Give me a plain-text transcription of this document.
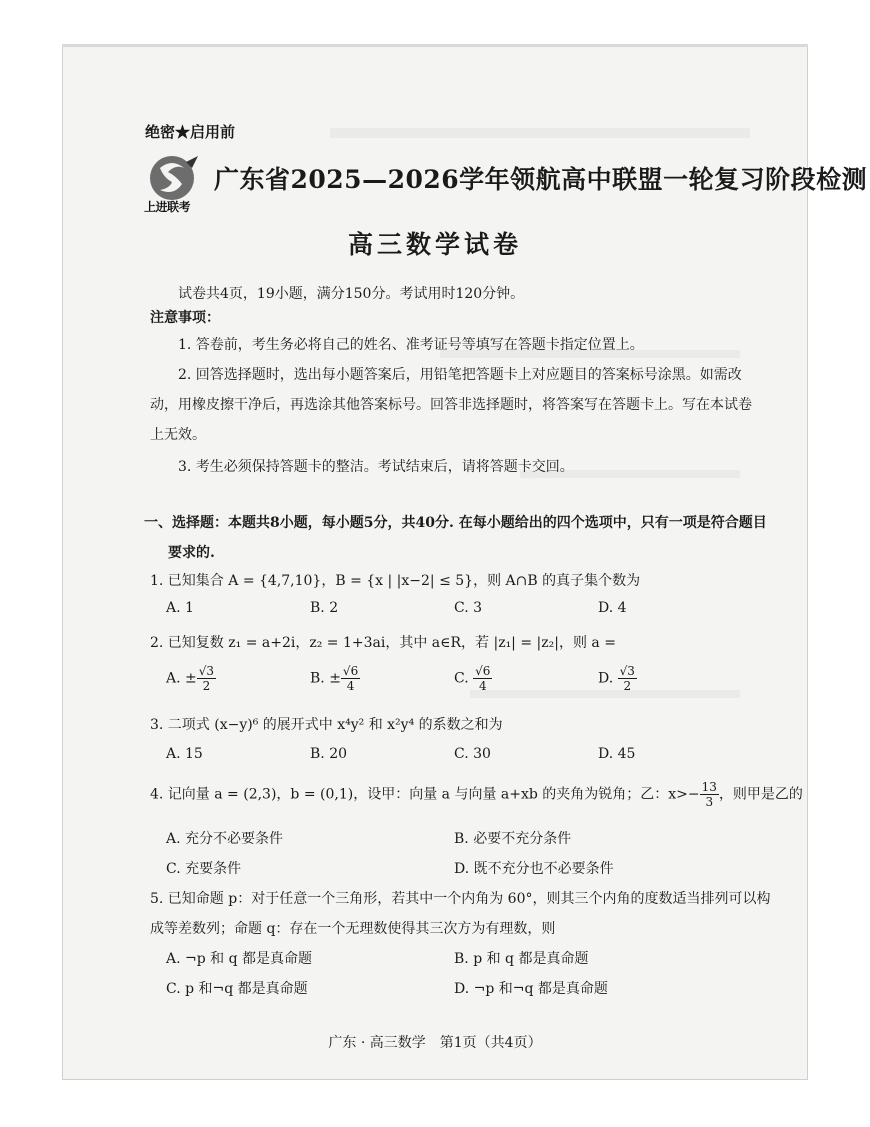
绝密★启用前
上进联考
广东省2025—2026学年领航高中联盟一轮复习阶段检测
高三数学试卷
试卷共4页，19小题，满分150分。考试用时120分钟。
注意事项：
1. 答卷前，考生务必将自己的姓名、准考证号等填写在答题卡指定位置上。
2. 回答选择题时，选出每小题答案后，用铅笔把答题卡上对应题目的答案标号涂黑。如需改
动，用橡皮擦干净后，再选涂其他答案标号。回答非选择题时，将答案写在答题卡上。写在本试卷
上无效。
3. 考生必须保持答题卡的整洁。考试结束后，请将答题卡交回。
一、选择题：本题共8小题，每小题5分，共40分. 在每小题给出的四个选项中，只有一项是符合题目
要求的.
1. 已知集合 A = {4,7,10}，B = {x | |x−2| ≤ 5}，则 A∩B 的真子集个数为
A. 1	B. 2	C. 3	D. 4
2. 已知复数 z₁ = a+2i，z₂ = 1+3ai，其中 a∈R，若 |z₁| = |z₂|，则 a =
A. ± $\frac{√3}{2}$	B. ± $\frac{√6}{4}$	C. $\frac{√6}{4}$	D. $\frac{√3}{2}$
3. 二项式 (x−y)⁶ 的展开式中 x⁴y² 和 x²y⁴ 的系数之和为
A. 15	B. 20	C. 30	D. 45
4. 记向量 a = (2,3)，b = (0,1)，设甲：向量 a 与向量 a+xb 的夹角为锐角；乙：$x>- \frac{13}{3}$ ，则甲是乙的
A. 充分不必要条件	B. 必要不充分条件
C. 充要条件	D. 既不充分也不必要条件
5. 已知命题 p：对于任意一个三角形，若其中一个内角为 60°，则其三个内角的度数适当排列可以构
成等差数列；命题 q：存在一个无理数使得其三次方为有理数，则
A. ¬p 和 q 都是真命题	B. p 和 q 都是真命题
C. p 和¬q 都是真命题	D. ¬p 和¬q 都是真命题
广东 · 高三数学　第1页（共4页）
